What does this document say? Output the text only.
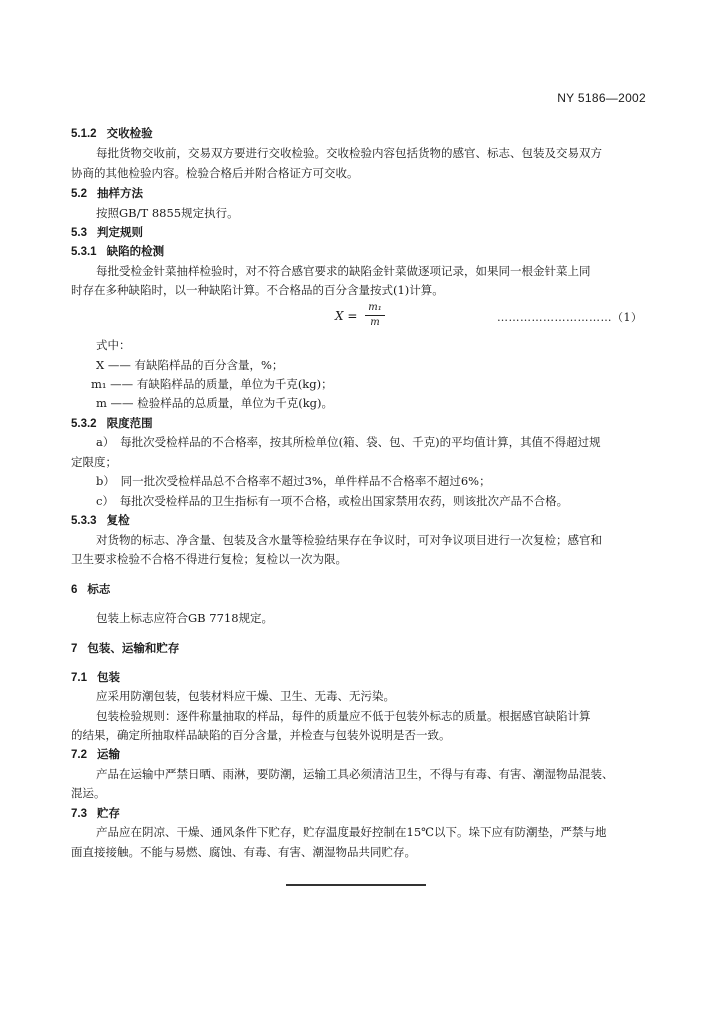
NY 5186—2002
5.1.2 交收检验
每批货物交收前，交易双方要进行交收检验。交收检验内容包括货物的感官、标志、包装及交易双方
协商的其他检验内容。检验合格后并附合格证方可交收。
5.2 抽样方法
按照GB/T 8855规定执行。
5.3 判定规则
5.3.1 缺陷的检测
每批受检金针菜抽样检验时，对不符合感官要求的缺陷金针菜做逐项记录，如果同一根金针菜上同
时存在多种缺陷时，以一种缺陷计算。不合格品的百分含量按式(1)计算。
X =
m₁
m	…………………………（1）
式中：
X —— 有缺陷样品的百分含量，%；
m₁ —— 有缺陷样品的质量，单位为千克(kg)；
m —— 检验样品的总质量，单位为千克(kg)。
5.3.2 限度范围
a）　每批次受检样品的不合格率，按其所检单位(箱、袋、包、千克)的平均值计算，其值不得超过规
定限度；
b）　同一批次受检样品总不合格率不超过3%，单件样品不合格率不超过6%；
c）　每批次受检样品的卫生指标有一项不合格，或检出国家禁用农药，则该批次产品不合格。
5.3.3 复检
对货物的标志、净含量、包装及含水量等检验结果存在争议时，可对争议项目进行一次复检；感官和
卫生要求检验不合格不得进行复检；复检以一次为限。
6 标志
包装上标志应符合GB 7718规定。
7 包装、运输和贮存
7.1 包装
应采用防潮包装，包装材料应干燥、卫生、无毒、无污染。
包装检验规则：逐件称量抽取的样品，每件的质量应不低于包装外标志的质量。根据感官缺陷计算
的结果，确定所抽取样品缺陷的百分含量，并检查与包装外说明是否一致。
7.2 运输
产品在运输中严禁日晒、雨淋，要防潮，运输工具必须清洁卫生，不得与有毒、有害、潮湿物品混装、
混运。
7.3 贮存
产品应在阴凉、干燥、通风条件下贮存，贮存温度最好控制在15℃以下。垛下应有防潮垫，严禁与地
面直接接触。不能与易燃、腐蚀、有毒、有害、潮湿物品共同贮存。
